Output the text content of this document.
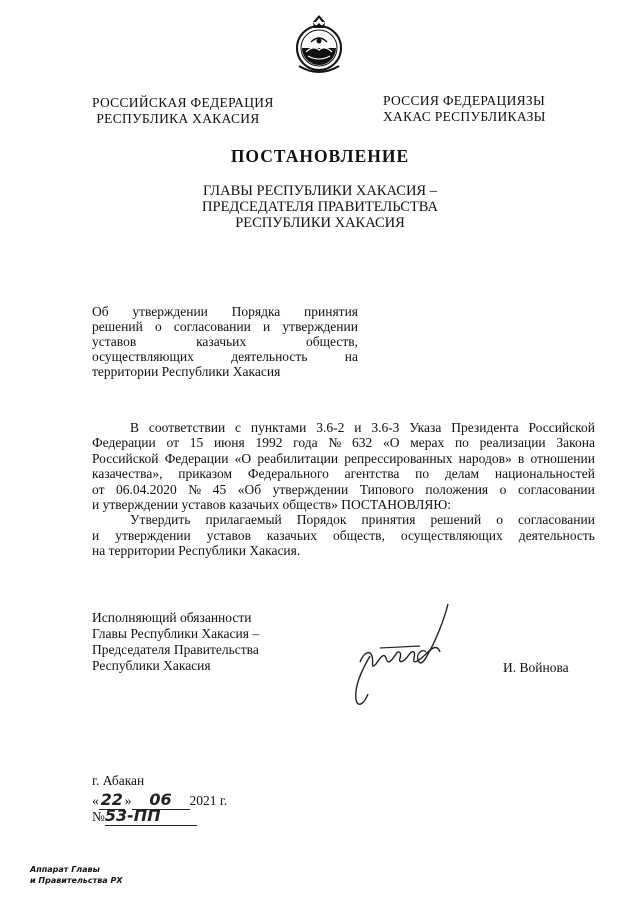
РОССИЙСКАЯ ФЕДЕРАЦИЯ
РЕСПУБЛИКА ХАКАСИЯ
РОССИЯ ФЕДЕРАЦИЯЗЫ
ХАКАС РЕСПУБЛИКАЗЫ
ПОСТАНОВЛЕНИЕ
ГЛАВЫ РЕСПУБЛИКИ ХАКАСИЯ –
ПРЕДСЕДАТЕЛЯ ПРАВИТЕЛЬСТВА
РЕСПУБЛИКИ ХАКАСИЯ
Об утверждении Порядка принятия
решений о согласовании и утверждении
уставов	казачьих	обществ,
осуществляющих	деятельность	на
территории Республики Хакасия
В соответствии с пунктами 3.6-2 и 3.6-3 Указа Президента Российской
Федерации от 15 июня 1992 года № 632 «О мерах по реализации Закона
Российской Федерации «О реабилитации репрессированных народов» в отношении
казачества», приказом Федерального агентства по делам национальностей
от 06.04.2020 № 45 «Об утверждении Типового положения о согласовании
и утверждении уставов казачьих обществ» ПОСТАНОВЛЯЮ:
Утвердить прилагаемый Порядок принятия решений о согласовании
и утверждении уставов казачьих обществ, осуществляющих деятельность
на территории Республики Хакасия.
Исполняющий обязанности
Главы Республики Хакасия –
Председателя Правительства
Республики Хакасия	И. Войнова
г. Абакан
« 22 » 06 2021 г.
№53-ПП
Аппарат Главы
и Правительства РХ
